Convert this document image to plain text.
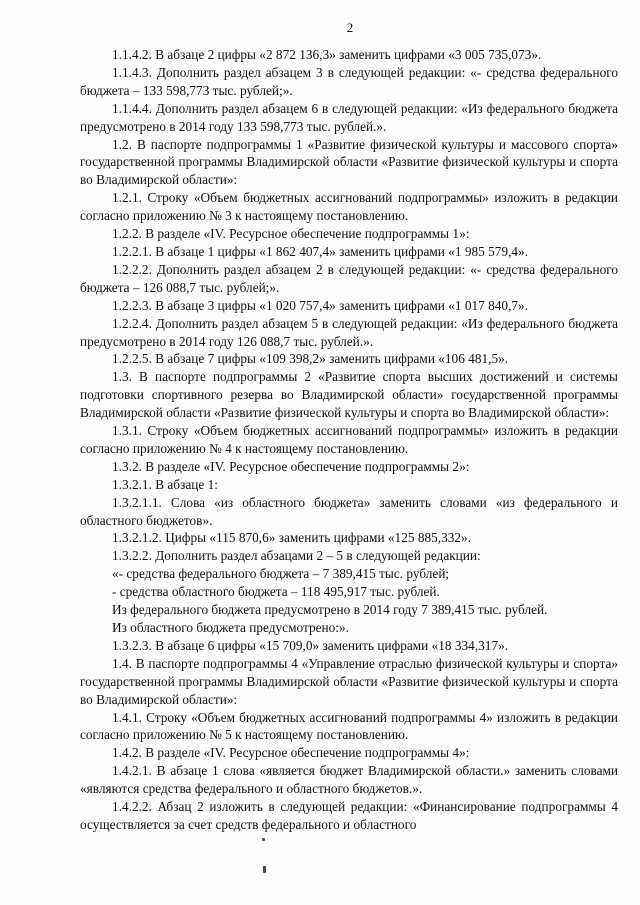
2

1.1.4.2. В абзаце 2 цифры «2 872 136,3» заменить цифрами «3 005 735,073».

1.1.4.3. Дополнить раздел абзацем 3 в следующей редакции: «- средства федерального бюджета – 133 598,773 тыс. рублей;».

1.1.4.4. Дополнить раздел абзацем 6 в следующей редакции: «Из федерального бюджета предусмотрено в 2014 году 133 598,773 тыс. рублей.».

1.2. В паспорте подпрограммы 1 «Развитие физической культуры и массового спорта» государственной программы Владимирской области «Развитие физической культуры и спорта во Владимирской области»:

1.2.1. Строку «Объем бюджетных ассигнований подпрограммы» изложить в редакции согласно приложению № 3 к настоящему постановлению.

1.2.2. В разделе «IV. Ресурсное обеспечение подпрограммы 1»:

1.2.2.1. В абзаце 1 цифры «1 862 407,4» заменить цифрами «1 985 579,4».

1.2.2.2. Дополнить раздел абзацем 2 в следующей редакции: «- средства федерального бюджета – 126 088,7 тыс. рублей;».

1.2.2.3. В абзаце 3 цифры «1 020 757,4» заменить цифрами «1 017 840,7».

1.2.2.4. Дополнить раздел абзацем 5 в следующей редакции: «Из федерального бюджета предусмотрено в 2014 году 126 088,7 тыс. рублей.».

1.2.2.5. В абзаце 7 цифры «109 398,2» заменить цифрами «106 481,5».

1.3. В паспорте подпрограммы 2 «Развитие спорта высших достижений и системы подготовки спортивного резерва во Владимирской области» государственной программы Владимирской области «Развитие физической культуры и спорта во Владимирской области»:

1.3.1. Строку «Объем бюджетных ассигнований подпрограммы» изложить в редакции согласно приложению № 4 к настоящему постановлению.

1.3.2. В разделе «IV. Ресурсное обеспечение подпрограммы 2»:

1.3.2.1. В абзаце 1:

1.3.2.1.1. Слова «из областного бюджета» заменить словами «из федерального и областного бюджетов».

1.3.2.1.2. Цифры «115 870,6» заменить цифрами «125 885,332».

1.3.2.2. Дополнить раздел абзацами 2 – 5 в следующей редакции:

«- средства федерального бюджета – 7 389,415 тыс. рублей;

- средства областного бюджета – 118 495,917 тыс. рублей.

Из федерального бюджета предусмотрено в 2014 году 7 389,415 тыс. рублей.

Из областного бюджета предусмотрено:».

1.3.2.3. В абзаце 6 цифры «15 709,0» заменить цифрами «18 334,317».

1.4. В паспорте подпрограммы 4 «Управление отраслью физической культуры и спорта» государственной программы Владимирской области «Развитие физической культуры и спорта во Владимирской области»:

1.4.1. Строку «Объем бюджетных ассигнований подпрограммы 4» изложить в редакции согласно приложению № 5 к настоящему постановлению.

1.4.2. В разделе «IV. Ресурсное обеспечение подпрограммы 4»:

1.4.2.1. В абзаце 1 слова «является бюджет Владимирской области.» заменить словами «являются средства федерального и областного бюджетов.».

1.4.2.2. Абзац 2 изложить в следующей редакции: «Финансирование подпрограммы 4 осуществляется за счет средств федерального и областного
